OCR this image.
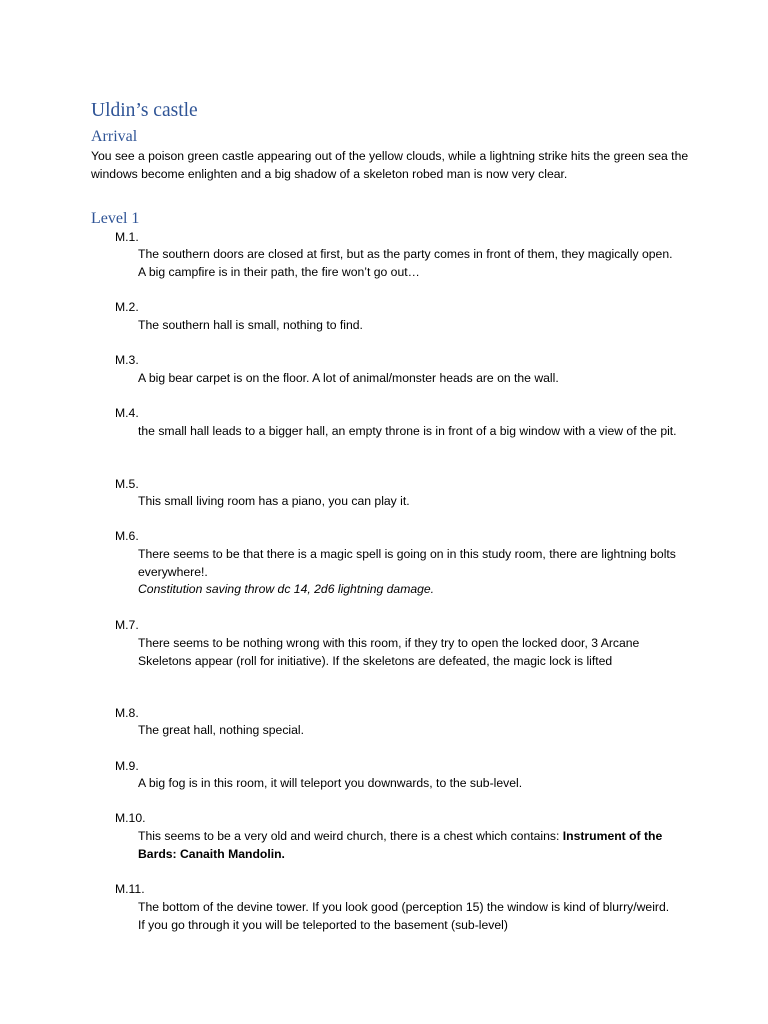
Uldin’s castle
Arrival

You see a poison green castle appearing out of the yellow clouds, while a lightning strike hits the green sea the windows become enlighten and a big shadow of a skeleton robed man is now very clear.

Level 1
M.1.

The southern doors are closed at first, but as the party comes in front of them, they magically open. A big campfire is in their path, the fire won’t go out…

M.2.

The southern hall is small, nothing to find.

M.3.

A big bear carpet is on the floor. A lot of animal/monster heads are on the wall.

M.4.

the small hall leads to a bigger hall, an empty throne is in front of a big window with a view of the pit.

M.5.

This small living room has a piano, you can play it.

M.6.

There seems to be that there is a magic spell is going on in this study room, there are lightning bolts everywhere!.
Constitution saving throw dc 14, 2d6 lightning damage.

M.7.

There seems to be nothing wrong with this room, if they try to open the locked door, 3 Arcane Skeletons appear (roll for initiative). If the skeletons are defeated, the magic lock is lifted

M.8.

The great hall, nothing special.

M.9.

A big fog is in this room, it will teleport you downwards, to the sub-level.

M.10.

This seems to be a very old and weird church, there is a chest which contains: Instrument of the Bards: Canaith Mandolin.

M.11.

The bottom of the devine tower. If you look good (perception 15) the window is kind of blurry/weird. If you go through it you will be teleported to the basement (sub-level)
